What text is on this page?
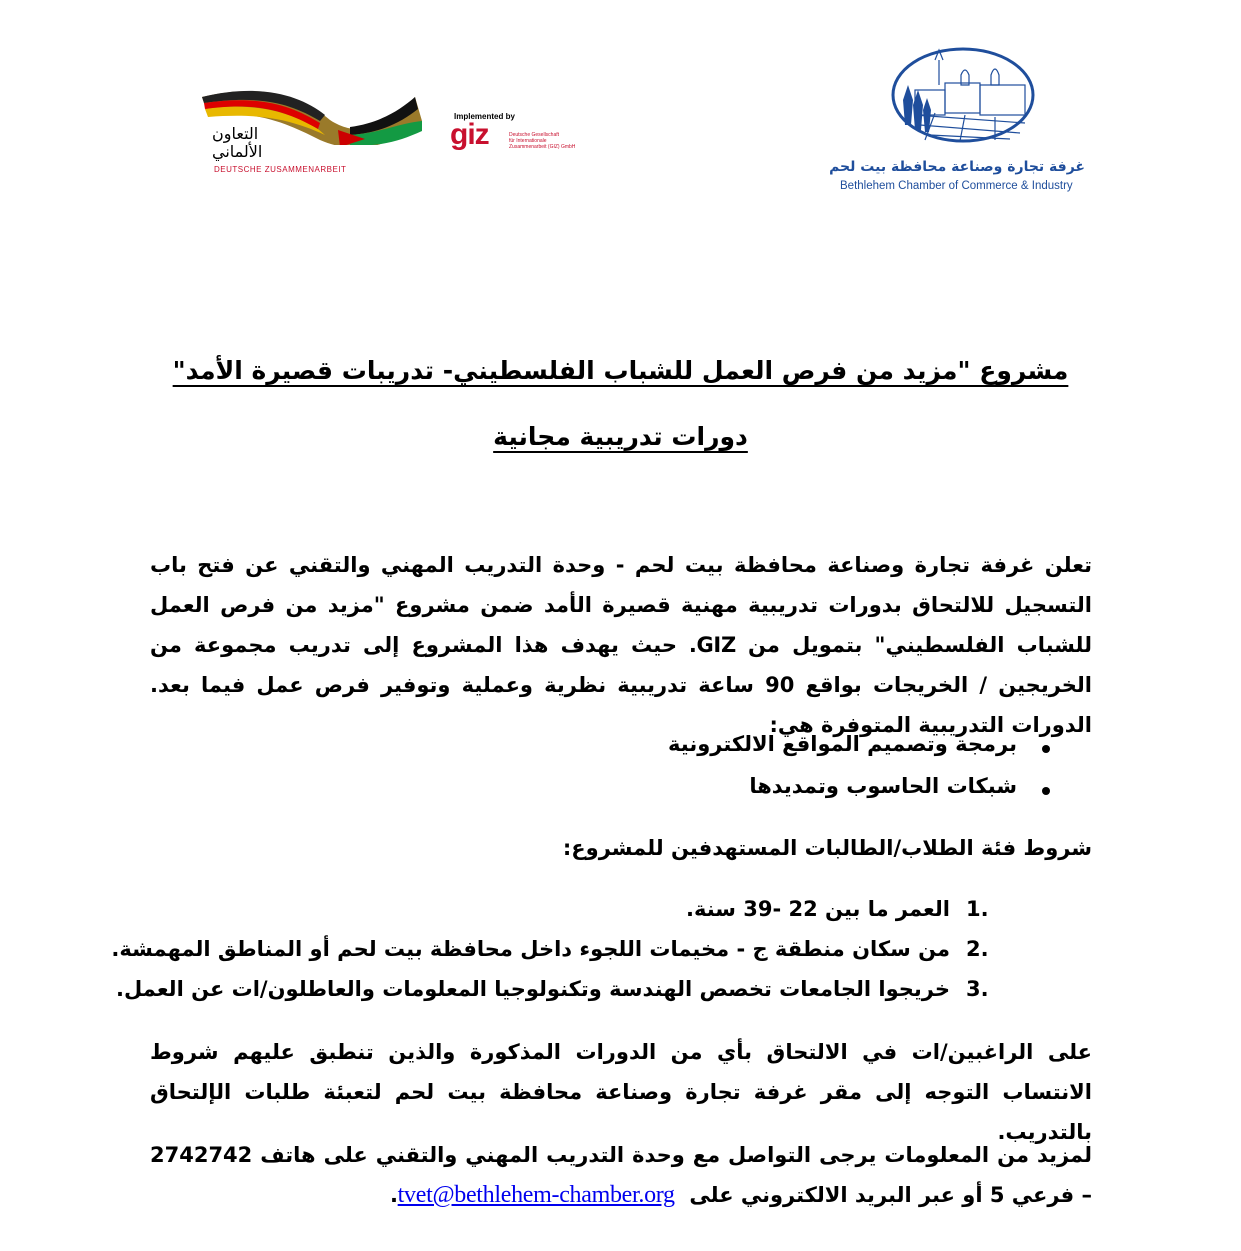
التعاون
الألماني
DEUTSCHE ZUSAMMENARBEIT
Implemented by
giz	Deutsche Gesellschaft
für Internationale
Zusammenarbeit (GIZ) GmbH
غرفة تجارة وصناعة محافظة بيت لحم
Bethlehem Chamber of Commerce & Industry
مشروع "مزيد من فرص العمل للشباب الفلسطيني- تدريبات قصيرة الأمد"
دورات تدريبية مجانية
تعلن غرفة تجارة وصناعة محافظة بيت لحم - وحدة التدريب المهني والتقني عن فتح باب التسجيل للالتحاق بدورات تدريبية مهنية قصيرة الأمد ضمن مشروع "مزيد من فرص العمل للشباب الفلسطيني" بتمويل من GIZ. حيث يهدف هذا المشروع إلى تدريب مجموعة من الخريجين / الخريجات بواقع 90 ساعة تدريبية نظرية وعملية وتوفير فرص عمل فيما بعد. الدورات التدريبية المتوفرة هي:
برمجة وتصميم المواقع الالكترونية
شبكات الحاسوب وتمديدها
شروط فئة الطلاب/الطالبات المستهدفين للمشروع:
1.
العمر ما بين 22 -39 سنة.
2.
من سكان منطقة ج - مخيمات اللجوء داخل محافظة بيت لحم أو المناطق المهمشة.
3.
خريجوا الجامعات تخصص الهندسة وتكنولوجيا المعلومات والعاطلون/ات عن العمل.
على الراغبين/ات في الالتحاق بأي من الدورات المذكورة والذين تنطبق عليهم شروط الانتساب التوجه إلى مقر غرفة تجارة وصناعة محافظة بيت لحم لتعبئة طلبات الإلتحاق بالتدريب.
لمزيد من المعلومات يرجى التواصل مع وحدة التدريب المهني والتقني على هاتف 2742742 – فرعي 5 أو عبر البريد الالكتروني على  tvet@bethlehem-chamber.org.
